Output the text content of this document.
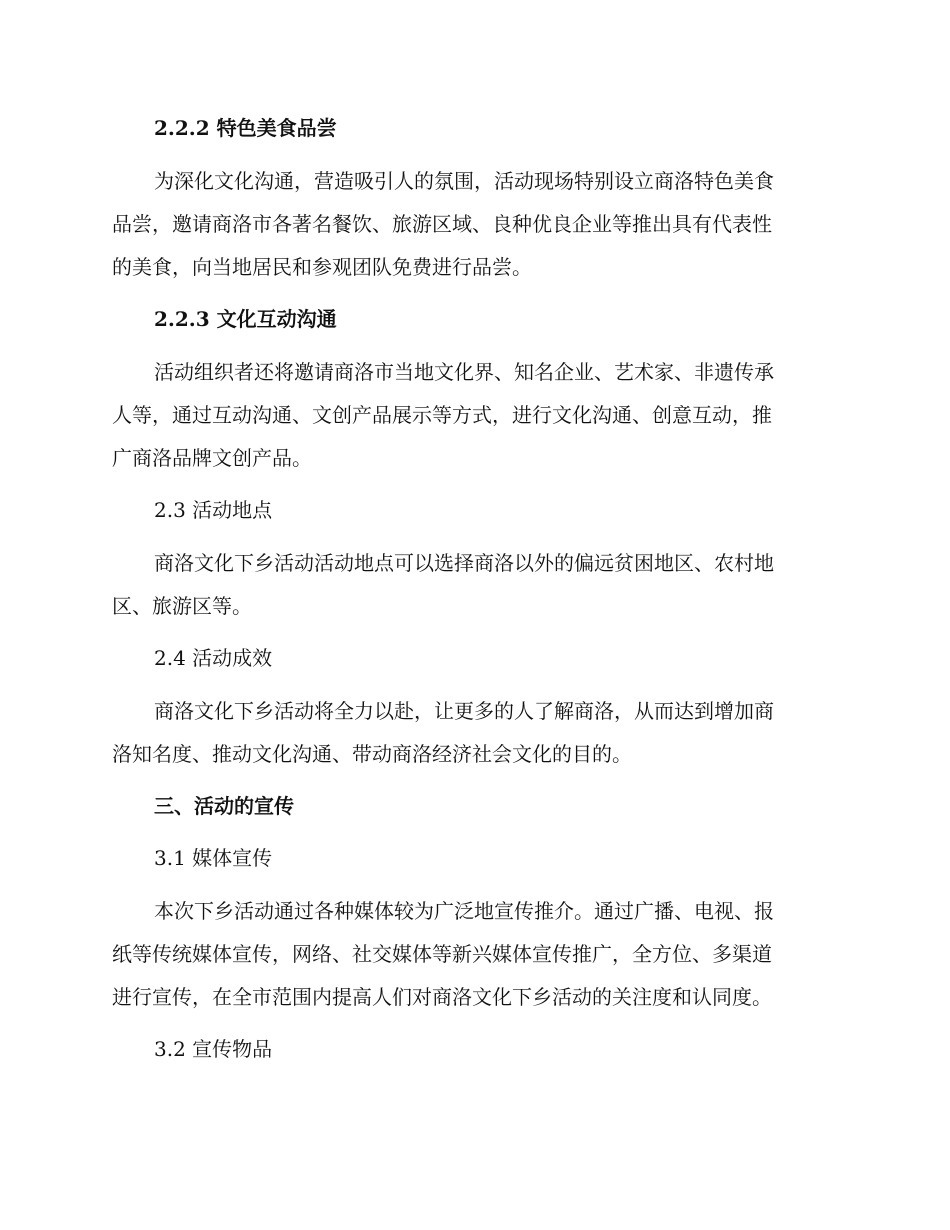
2.2.2 特色美食品尝
为深化文化沟通，营造吸引人的氛围，活动现场特别设立商洛特色美食
品尝，邀请商洛市各著名餐饮、旅游区域、良种优良企业等推出具有代表性
的美食，向当地居民和参观团队免费进行品尝。
2.2.3 文化互动沟通
活动组织者还将邀请商洛市当地文化界、知名企业、艺术家、非遗传承
人等，通过互动沟通、文创产品展示等方式，进行文化沟通、创意互动，推
广商洛品牌文创产品。
2.3 活动地点
商洛文化下乡活动活动地点可以选择商洛以外的偏远贫困地区、农村地
区、旅游区等。
2.4 活动成效
商洛文化下乡活动将全力以赴，让更多的人了解商洛，从而达到增加商
洛知名度、推动文化沟通、带动商洛经济社会文化的目的。
三、活动的宣传
3.1 媒体宣传
本次下乡活动通过各种媒体较为广泛地宣传推介。通过广播、电视、报
纸等传统媒体宣传，网络、社交媒体等新兴媒体宣传推广，全方位、多渠道
进行宣传，在全市范围内提高人们对商洛文化下乡活动的关注度和认同度。
3.2 宣传物品
